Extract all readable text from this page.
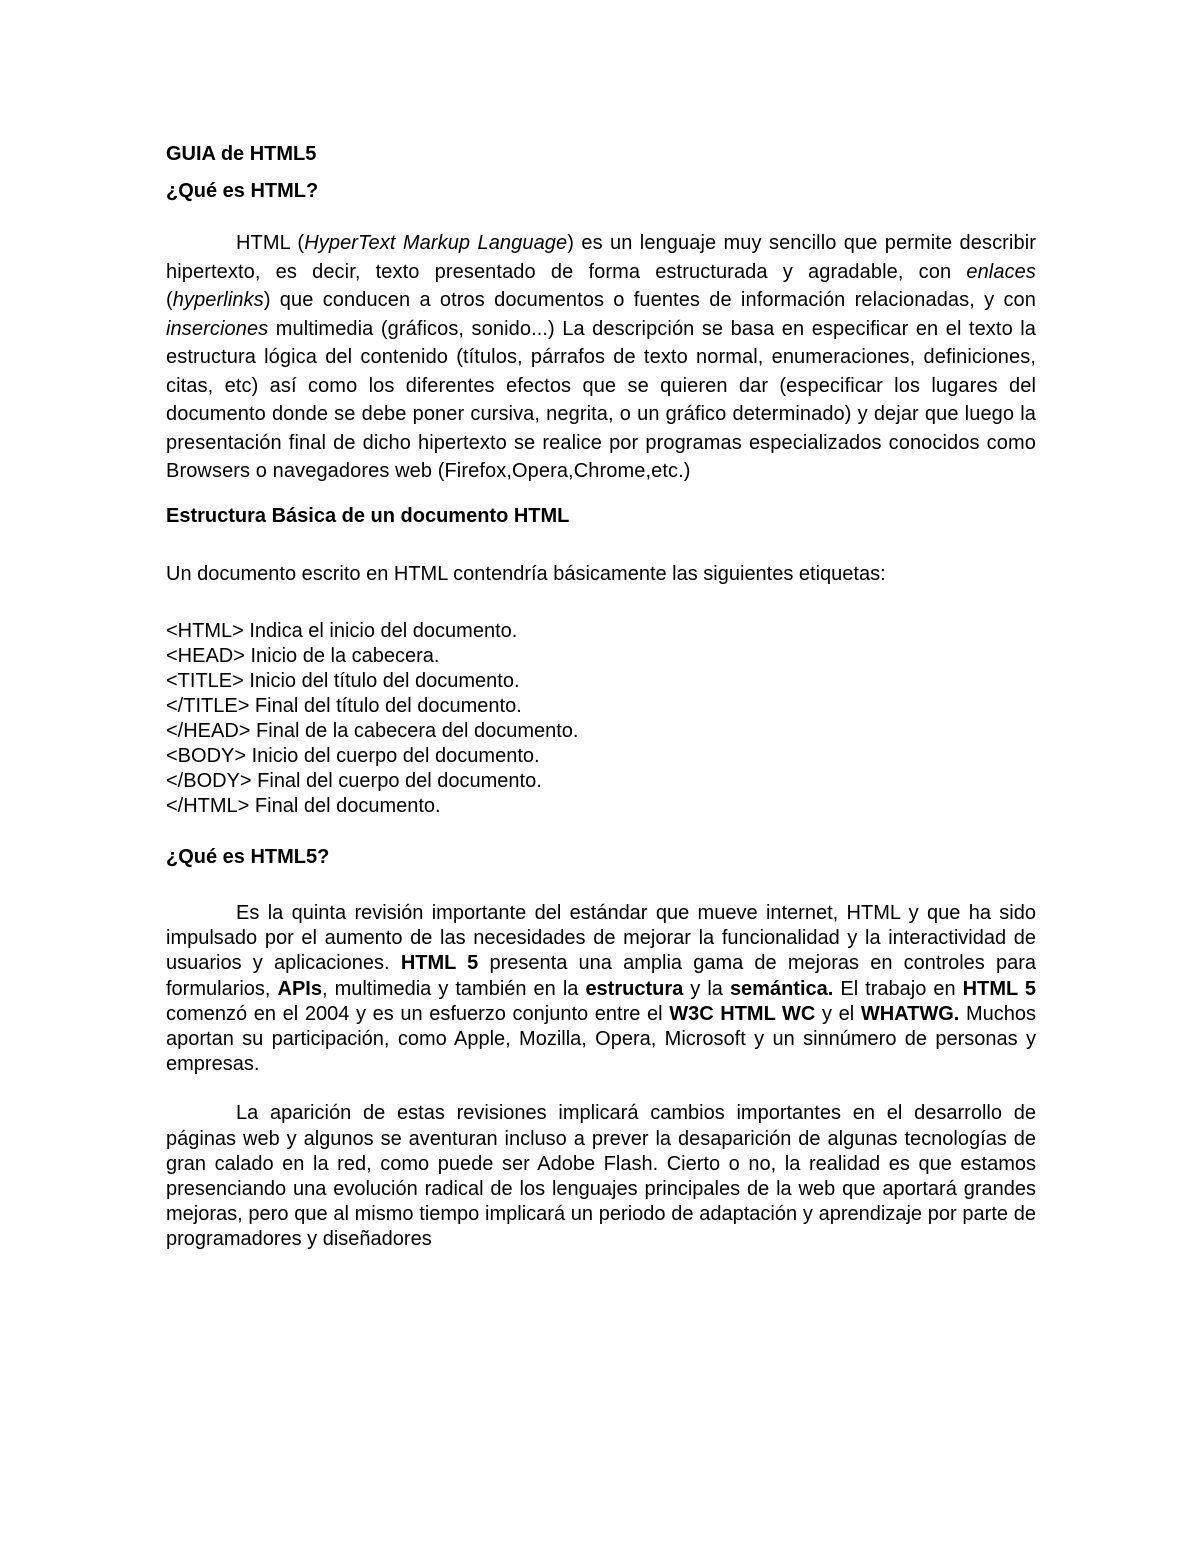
GUIA de HTML5

¿Qué es HTML?

HTML (HyperText Markup Language) es un lenguaje muy sencillo que permite describir hipertexto, es decir, texto presentado de forma estructurada y agradable, con enlaces (hyperlinks) que conducen a otros documentos o fuentes de información relacionadas, y con inserciones multimedia (gráficos, sonido...) La descripción se basa en especificar en el texto la estructura lógica del contenido (títulos, párrafos de texto normal, enumeraciones, definiciones, citas, etc) así como los diferentes efectos que se quieren dar (especificar los lugares del documento donde se debe poner cursiva, negrita, o un gráfico determinado) y dejar que luego la presentación final de dicho hipertexto se realice por programas especializados conocidos como Browsers o navegadores web (Firefox,Opera,Chrome,etc.)

Estructura Básica de un documento HTML

Un documento escrito en HTML contendría básicamente las siguientes etiquetas:

<HTML> Indica el inicio del documento.
<HEAD> Inicio de la cabecera.
<TITLE> Inicio del título del documento.
</TITLE> Final del título del documento.
</HEAD> Final de la cabecera del documento.
<BODY> Inicio del cuerpo del documento.
</BODY> Final del cuerpo del documento.
</HTML> Final del documento.

¿Qué es HTML5?

Es la quinta revisión importante del estándar que mueve internet, HTML y que ha sido impulsado por el aumento de las necesidades de mejorar la funcionalidad y la interactividad de usuarios y aplicaciones. HTML 5 presenta una amplia gama de mejoras en controles para formularios, APIs, multimedia y también en la estructura y la semántica. El trabajo en HTML 5 comenzó en el 2004 y es un esfuerzo conjunto entre el W3C HTML WC y el WHATWG. Muchos aportan su participación, como Apple, Mozilla, Opera, Microsoft y un sinnúmero de personas y empresas.

La aparición de estas revisiones implicará cambios importantes en el desarrollo de páginas web y algunos se aventuran incluso a prever la desaparición de algunas tecnologías de gran calado en la red, como puede ser Adobe Flash. Cierto o no, la realidad es que estamos presenciando una evolución radical de los lenguajes principales de la web que aportará grandes mejoras, pero que al mismo tiempo implicará un periodo de adaptación y aprendizaje por parte de programadores y diseñadores
